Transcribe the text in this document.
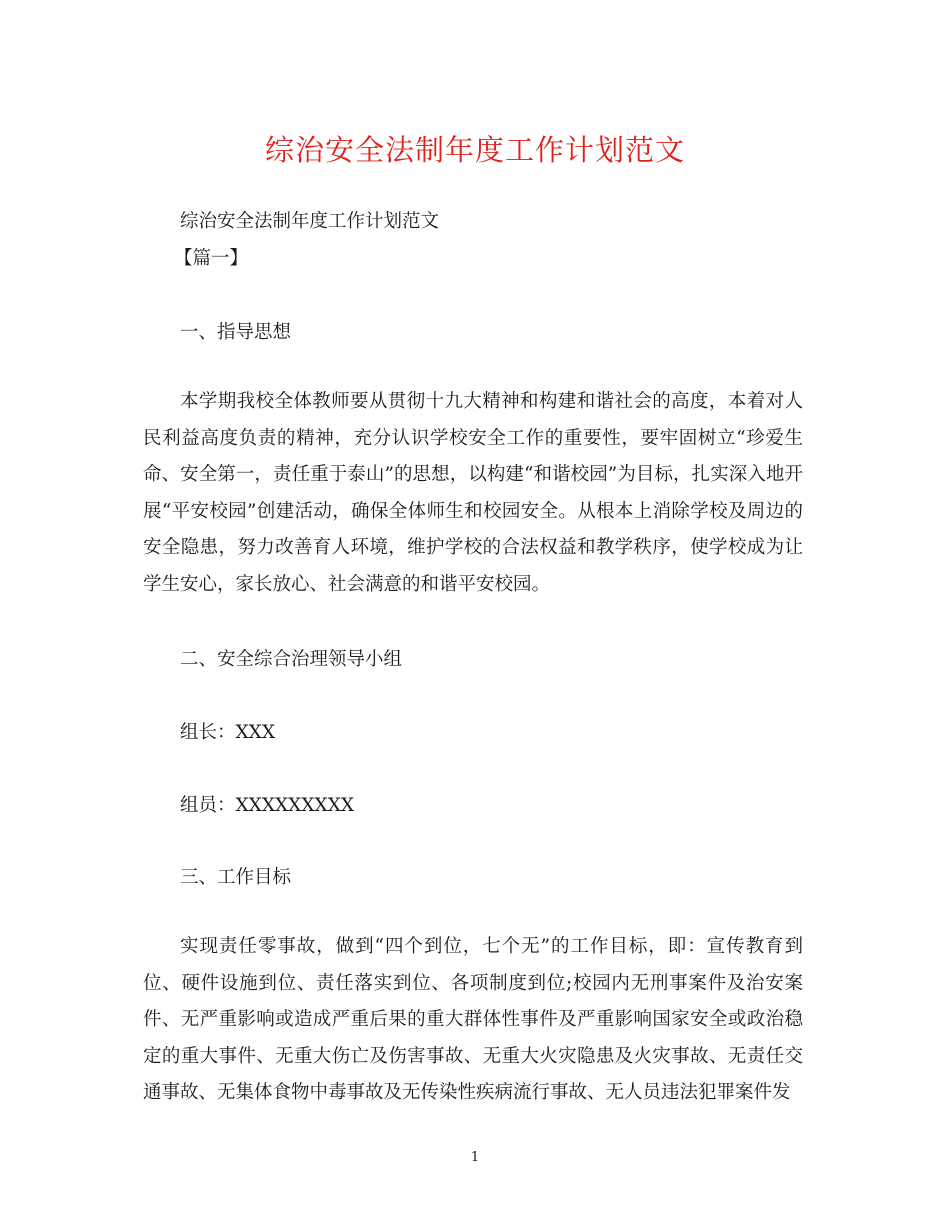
综治安全法制年度工作计划范文

综治安全法制年度工作计划范文

【篇一】

一、指导思想

本学期我校全体教师要从贯彻十九大精神和构建和谐社会的高度，本着对人民利益高度负责的精神，充分认识学校安全工作的重要性，要牢固树立“珍爱生命、安全第一，责任重于泰山”的思想，以构建“和谐校园”为目标，扎实深入地开展“平安校园”创建活动，确保全体师生和校园安全。从根本上消除学校及周边的安全隐患，努力改善育人环境，维护学校的合法权益和教学秩序，使学校成为让学生安心，家长放心、社会满意的和谐平安校园。

二、安全综合治理领导小组

组长：XXX

组员：XXXXXXXXX

三、工作目标

实现责任零事故，做到“四个到位，七个无”的工作目标，即：宣传教育到位、硬件设施到位、责任落实到位、各项制度到位;校园内无刑事案件及治安案件、无严重影响或造成严重后果的重大群体性事件及严重影响国家安全或政治稳定的重大事件、无重大伤亡及伤害事故、无重大火灾隐患及火灾事故、无责任交通事故、无集体食物中毒事故及无传染性疾病流行事故、无人员违法犯罪案件发

1
